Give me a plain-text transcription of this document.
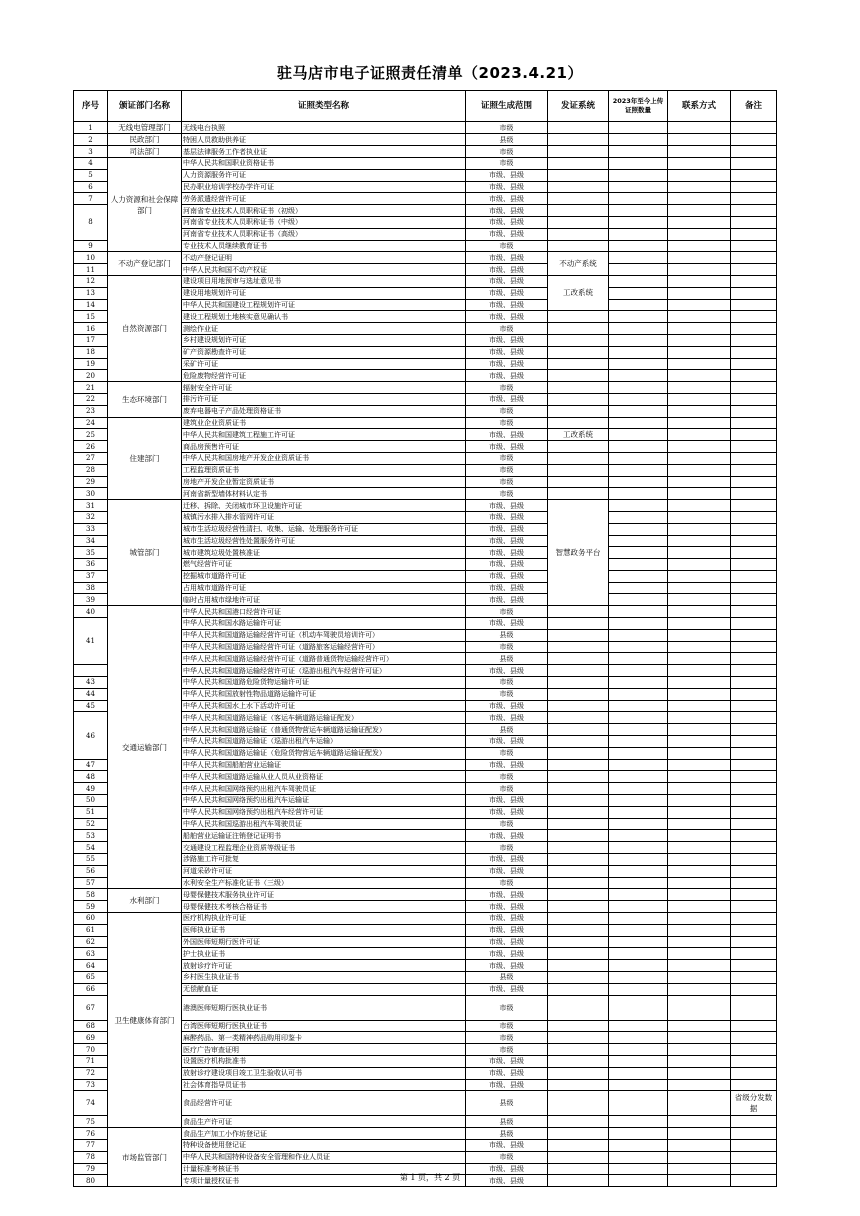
驻马店市电子证照责任清单（2023.4.21）
序号	颁证部门名称	证照类型名称	证照生成范围	发证系统	2023年至今上传证照数量	联系方式	备注
1	无线电管理部门	无线电台执照	市级				
2	民政部门	特困人员救助供养证	县级				
3	司法部门	基层法律服务工作者执业证	市级				
4	人力资源和社会保障部门	中华人民共和国职业资格证书	市级				
5		人力资源服务许可证	市级、县级				
6		民办职业培训学校办学许可证	市级、县级				
7		劳务派遣经营许可证	市级、县级				
8		河南省专业技术人员职称证书（初级）	市级、县级				
		河南省专业技术人员职称证书（中级）	市级、县级				
		河南省专业技术人员职称证书（高级）	市级、县级				
9		专业技术人员继续教育证书	市级				
10	不动产登记部门	不动产登记证明	市级、县级	不动产系统			
11		中华人民共和国不动产权证	市级、县级				
12	自然资源部门	建设项目用地预审与选址意见书	市级、县级	工改系统			
13		建设用地规划许可证	市级、县级				
14		中华人民共和国建设工程规划许可证	市级、县级				
15		建设工程规划土地核实意见确认书	市级、县级				
16		测绘作业证	市级				
17		乡村建设规划许可证	市级、县级				
18		矿产资源勘查许可证	市级、县级				
19		采矿许可证	市级、县级				
20		危险废物经营许可证	市级、县级				
21	生态环境部门	辐射安全许可证	市级				
22		排污许可证	市级、县级				
23		废弃电器电子产品处理资格证书	市级				
24	住建部门	建筑业企业资质证书	市级				
25		中华人民共和国建筑工程施工许可证	市级、县级	工改系统			
26		商品房预售许可证	市级、县级				
27		中华人民共和国房地产开发企业资质证书	市级				
28		工程监理资质证书	市级				
29		房地产开发企业暂定资质证书	市级				
30		河南省新型墙体材料认定书	市级				
31	城管部门	迁移、拆除、关闭城市环卫设施许可证	市级、县级	智慧政务平台			
32		城镇污水排入排水管网许可证	市级、县级				
33		城市生活垃圾经营性清扫、收集、运输、处理服务许可证	市级、县级				
34		城市生活垃圾经营性处置服务许可证	市级、县级				
35		城市建筑垃圾处置核准证	市级、县级				
36		燃气经营许可证	市级、县级				
37		挖掘城市道路许可证	市级、县级				
38		占用城市道路许可证	市级、县级				
39		临时占用城市绿地许可证	市级、县级				
40	交通运输部门	中华人民共和国港口经营许可证	市级				
41		中华人民共和国水路运输许可证	市级、县级				
		中华人民共和国道路运输经营许可证（机动车驾驶员培训许可）	县级				
		中华人民共和国道路运输经营许可证（道路旅客运输经营许可）	市级				
		中华人民共和国道路运输经营许可证（道路普通货物运输经营许可）	县级				
		中华人民共和国道路运输经营许可证（巡游出租汽车经营许可证）	市级、县级				
43		中华人民共和国道路危险货物运输许可证	市级				
44		中华人民共和国放射性物品道路运输许可证	市级				
45		中华人民共和国水上水下活动许可证	市级、县级				
46		中华人民共和国道路运输证（客运车辆道路运输证配发）	市级、县级				
		中华人民共和国道路运输证（普通货物营运车辆道路运输证配发）	县级				
		中华人民共和国道路运输证（巡游出租汽车运输）	市级、县级				
		中华人民共和国道路运输证（危险货物营运车辆道路运输证配发）	市级				
47		中华人民共和国船舶营业运输证	市级、县级				
48		中华人民共和国道路运输从业人员从业资格证	市级				
49		中华人民共和国网络预约出租汽车驾驶员证	市级				
50		中华人民共和国网络预约出租汽车运输证	市级、县级				
51		中华人民共和国网络预约出租汽车经营许可证	市级、县级				
52		中华人民共和国巡游出租汽车驾驶员证	市级				
53		船舶营业运输证注销登记证明书	市级、县级				
54		交通建设工程监理企业资质等级证书	市级				
55		涉路施工许可批复	市级、县级				
56		河道采砂许可证	市级、县级				
57		水利安全生产标准化证书（三级）	市级				
58	水利部门	母婴保健技术服务执业许可证	市级、县级				
59		母婴保健技术考核合格证书	市级、县级				
60	卫生健康体育部门	医疗机构执业许可证	市级、县级				
61		医师执业证书	市级、县级				
62		外国医师短期行医许可证	市级、县级				
63		护士执业证书	市级、县级				
64		放射诊疗许可证	市级、县级				
65		乡村医生执业证书	县级				
66		无偿献血证	市级、县级				
67		港澳医师短期行医执业证书	市级				
68		台湾医师短期行医执业证书	市级				
69		麻醉药品、第一类精神药品购用印鉴卡	市级				
70		医疗广告审查证明	市级				
71		设置医疗机构批准书	市级、县级				
72		放射诊疗建设项目竣工卫生验收认可书	市级、县级				
73		社会体育指导员证书	市级、县级				
74		食品经营许可证	县级				省级分发数据
75		食品生产许可证	县级				
76	市场监管部门	食品生产加工小作坊登记证	县级				
77		特种设备使用登记证	市级、县级				
78		中华人民共和国特种设备安全管理和作业人员证	市级				
79		计量标准考核证书	市级、县级				
80		专项计量授权证书	市级、县级				
第 1 页，共 2 页
